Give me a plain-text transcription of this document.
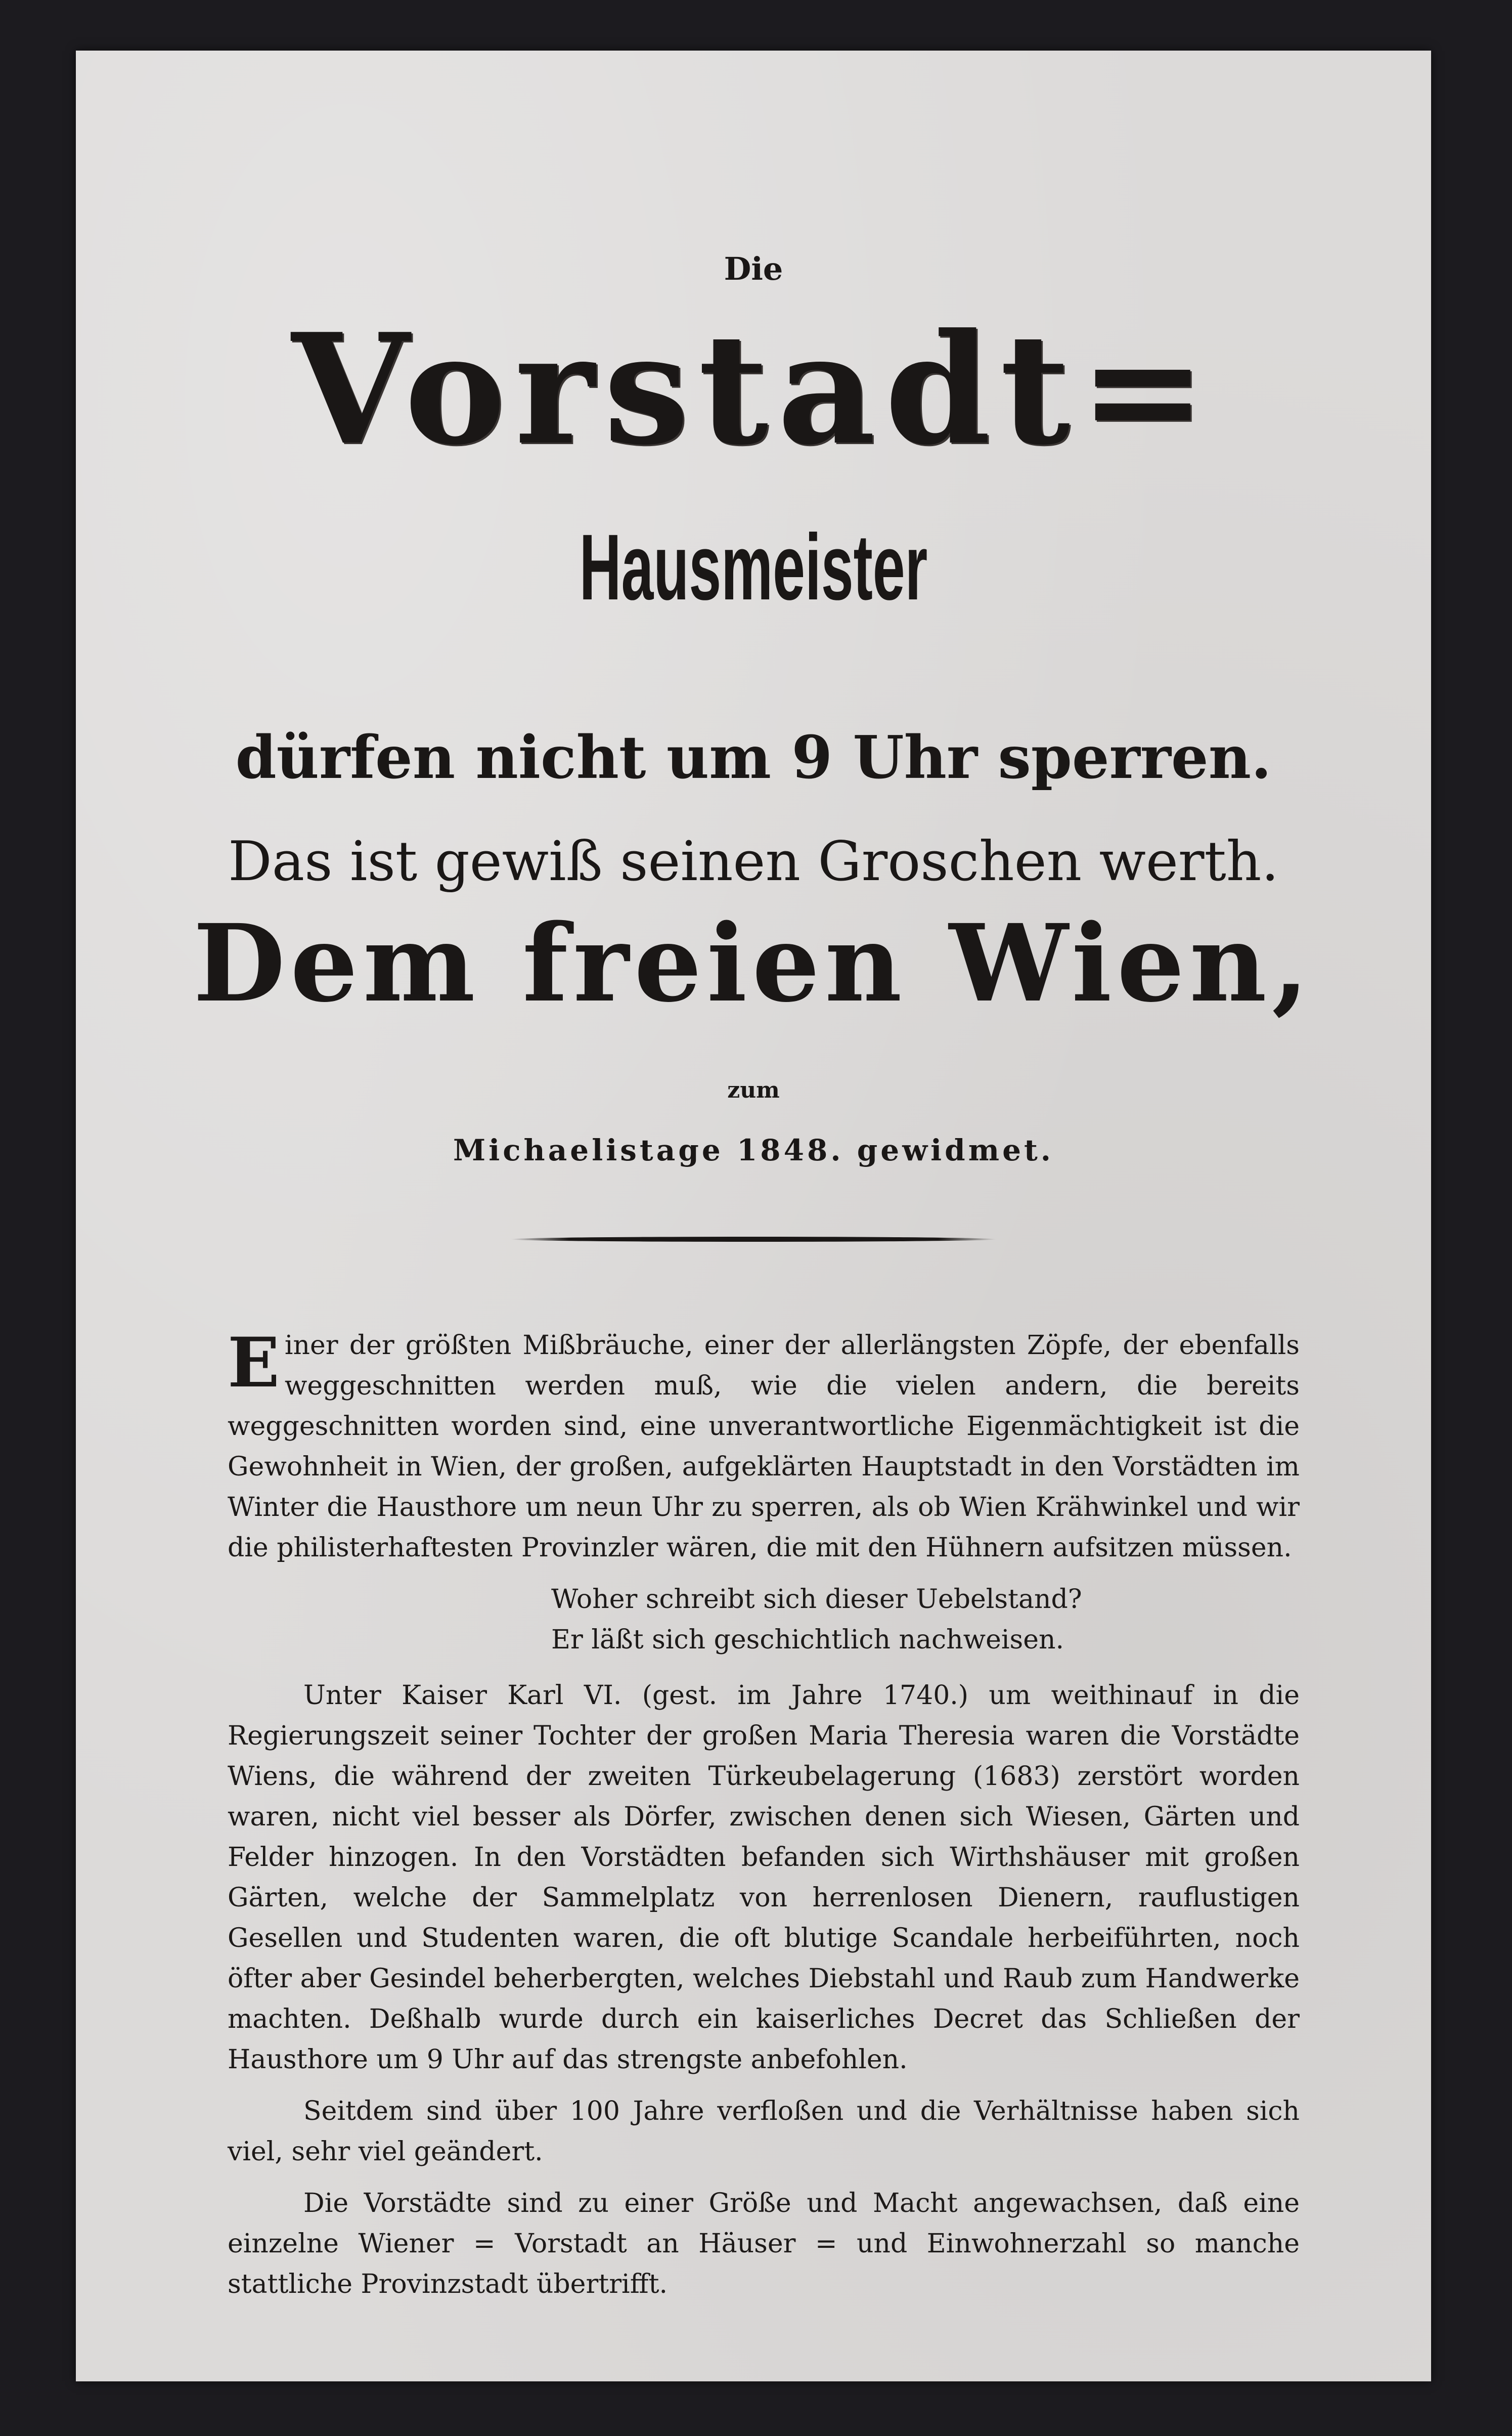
Die
Vorstadt=
Hausmeister
dürfen nicht um 9 Uhr sperren.
Das ist gewiß seinen Groschen werth.
Dem freien Wien,
zum
Michaelistage 1848. gewidmet.

Einer der größten Mißbräuche, einer der allerlängsten Zöpfe, der ebenfalls weggeschnitten werden muß, wie die vielen andern, die bereits weggeschnitten worden sind, eine unverantwortliche Eigenmächtigkeit ist die Gewohnheit in Wien, der großen, aufgeklärten Hauptstadt in den Vorstädten im Winter die Hausthore um neun Uhr zu sperren, als ob Wien Krähwinkel und wir die philisterhaftesten Provinzler wären, die mit den Hühnern aufsitzen müssen.

Woher schreibt sich dieser Uebelstand?
Er läßt sich geschichtlich nachweisen.

Unter Kaiser Karl VI. (gest. im Jahre 1740.) um weithinauf in die Regierungszeit seiner Tochter der großen Maria Theresia waren die Vorstädte Wiens, die während der zweiten Türkeubelagerung (1683) zerstört worden waren, nicht viel besser als Dörfer, zwischen denen sich Wiesen, Gärten und Felder hinzogen. In den Vorstädten befanden sich Wirthshäuser mit großen Gärten, welche der Sammelplatz von herrenlosen Dienern, rauflustigen Gesellen und Studenten waren, die oft blutige Scandale herbeiführten, noch öfter aber Gesindel beherbergten, welches Diebstahl und Raub zum Handwerke machten. Deßhalb wurde durch ein kaiserliches Decret das Schließen der Hausthore um 9 Uhr auf das strengste anbefohlen.

Seitdem sind über 100 Jahre verfloßen und die Verhältnisse haben sich viel, sehr viel geändert.

Die Vorstädte sind zu einer Größe und Macht angewachsen, daß eine einzelne Wiener = Vorstadt an Häuser = und Einwohnerzahl so manche stattliche Provinzstadt übertrifft.
